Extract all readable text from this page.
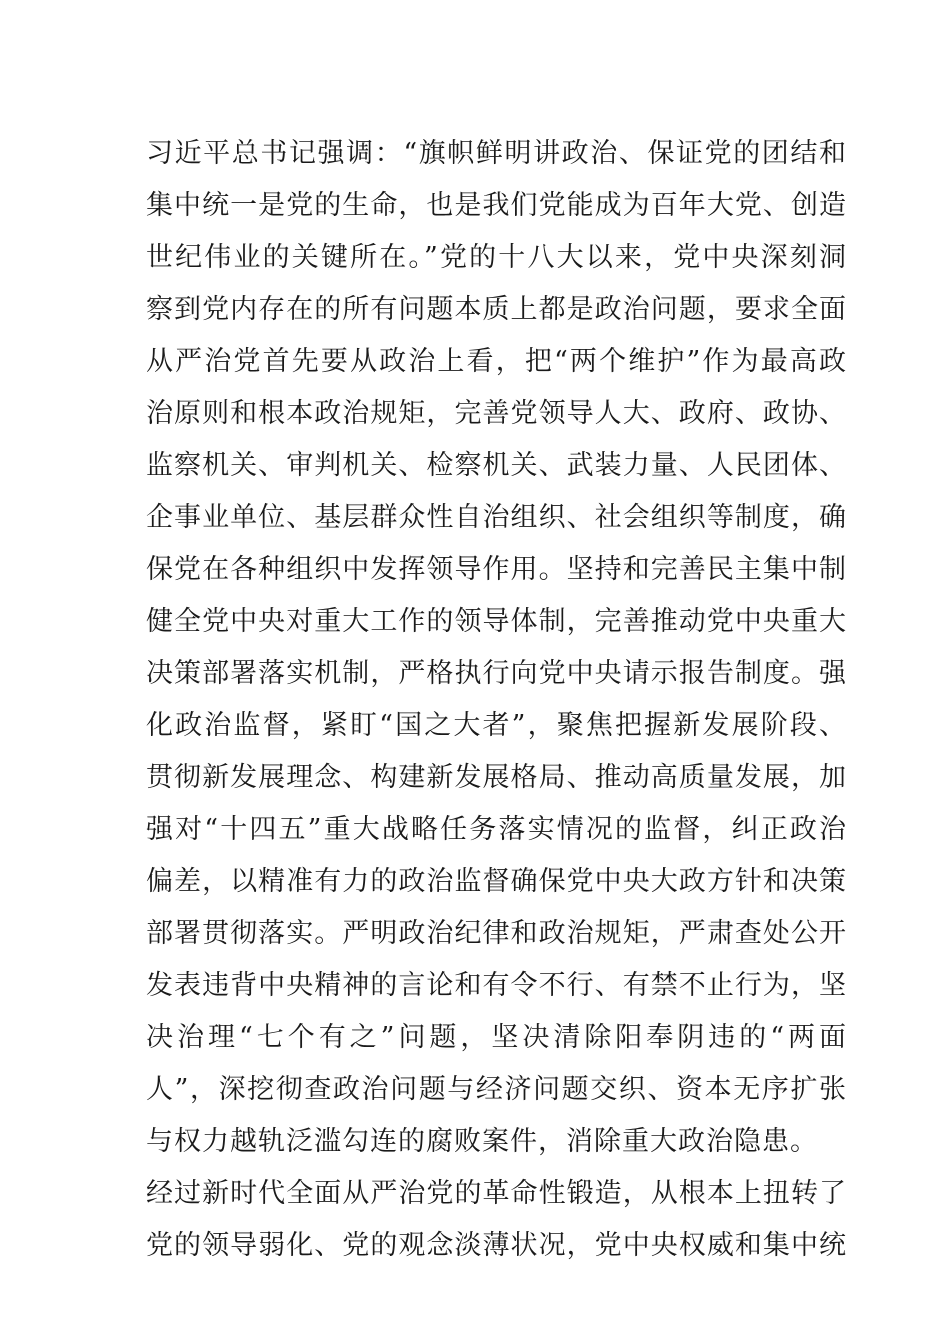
习近平总书记强调：“旗帜鲜明讲政治、保证党的团结和
集中统一是党的生命，也是我们党能成为百年大党、创造
世纪伟业的关键所在。”党的十八大以来，党中央深刻洞
察到党内存在的所有问题本质上都是政治问题，要求全面
从严治党首先要从政治上看，把“两个维护”作为最高政
治原则和根本政治规矩，完善党领导人大、政府、政协、
监察机关、审判机关、检察机关、武装力量、人民团体、
企事业单位、基层群众性自治组织、社会组织等制度，确
保党在各种组织中发挥领导作用。坚持和完善民主集中制
健全党中央对重大工作的领导体制，完善推动党中央重大
决策部署落实机制，严格执行向党中央请示报告制度。强
化政治监督，紧盯“国之大者”，聚焦把握新发展阶段、
贯彻新发展理念、构建新发展格局、推动高质量发展，加
强对“十四五”重大战略任务落实情况的监督，纠正政治
偏差，以精准有力的政治监督确保党中央大政方针和决策
部署贯彻落实。严明政治纪律和政治规矩，严肃查处公开
发表违背中央精神的言论和有令不行、有禁不止行为，坚
决治理“七个有之”问题，坚决清除阳奉阴违的“两面
人”，深挖彻查政治问题与经济问题交织、资本无序扩张
与权力越轨泛滥勾连的腐败案件，消除重大政治隐患。
经过新时代全面从严治党的革命性锻造，从根本上扭转了
党的领导弱化、党的观念淡薄状况，党中央权威和集中统
